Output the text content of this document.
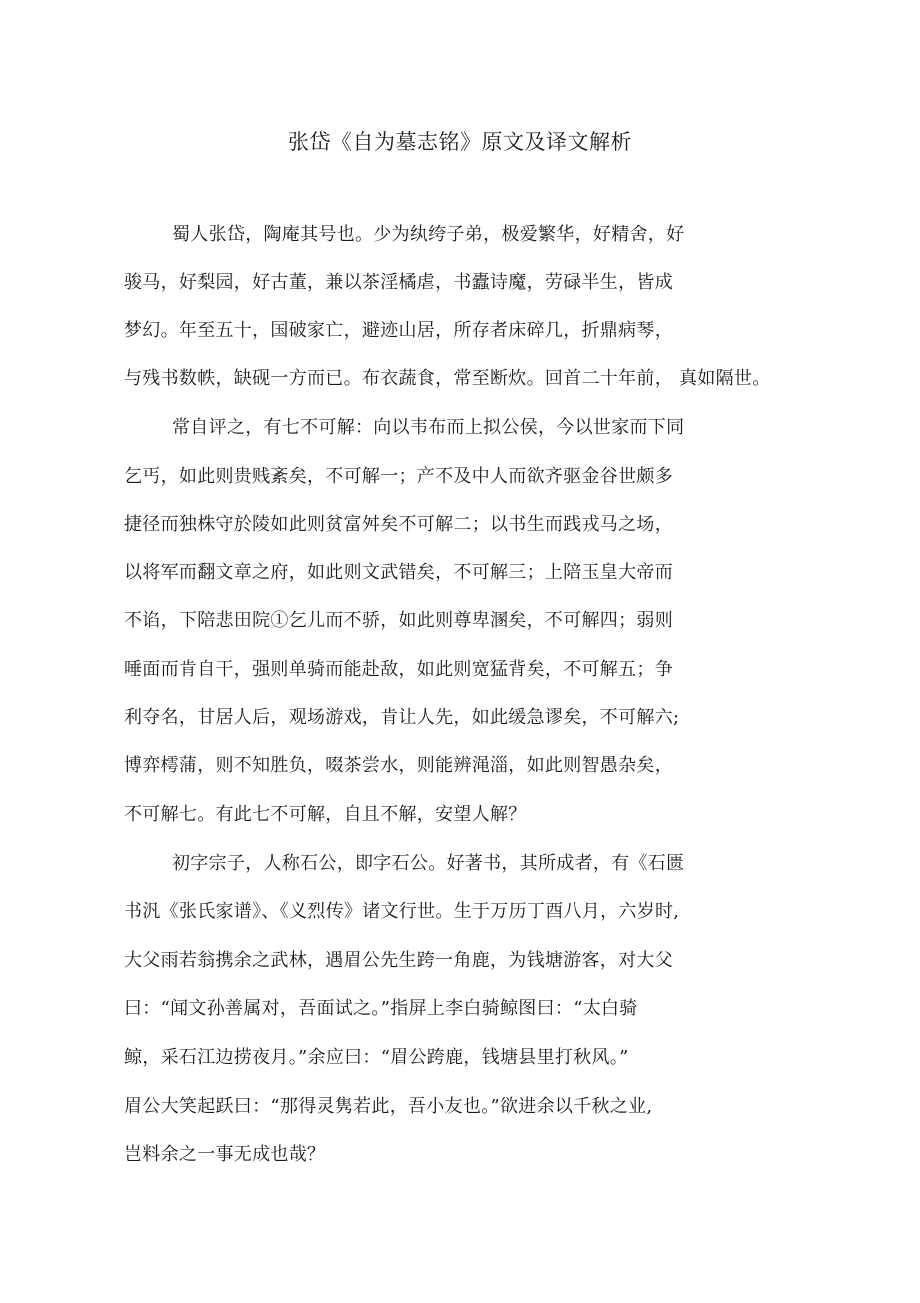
张岱《自为墓志铭》原文及译文解析
蜀人张岱，陶庵其号也。少为纨绔子弟，极爱繁华，好精舍，好
骏马，好梨园，好古董，兼以茶淫橘虐，书蠹诗魔，劳碌半生，皆成
梦幻。年至五十，国破家亡，避迹山居，所存者床碎几，折鼎病琴，
与残书数帙，缺砚一方而已。布衣蔬食，常至断炊。回首二十年前， 真如隔世。
常自评之，有七不可解：向以韦布而上拟公侯，今以世家而下同
乞丐，如此则贵贱紊矣，不可解一；产不及中人而欲齐驱金谷世颇多
捷径而独株守於陵如此则贫富舛矣不可解二；以书生而践戎马之场，
以将军而翻文章之府，如此则文武错矣，不可解三；上陪玉皇大帝而
不谄，下陪悲田院①乞儿而不骄，如此则尊卑溷矣，不可解四；弱则
唾面而肯自干，强则单骑而能赴敌，如此则宽猛背矣，不可解五；争
利夺名，甘居人后，观场游戏，肯让人先，如此缓急谬矣，不可解六;
博弈樗蒲，则不知胜负，啜茶尝水，则能辨渑淄，如此则智愚杂矣，
不可解七。有此七不可解，自且不解，安望人解？
初字宗子，人称石公，即字石公。好著书，其所成者，有《石匮
书汎《张氏家谱》、《义烈传》诸文行世。生于万历丁酉八月，六岁时,
大父雨若翁携余之武林，遇眉公先生跨一角鹿，为钱塘游客，对大父
曰：“闻文孙善属对，吾面试之。”指屏上李白骑鲸图曰：“太白骑
鲸，采石江边捞夜月。”余应曰：“眉公跨鹿，钱塘县里打秋风。”
眉公大笑起跃曰：“那得灵隽若此，吾小友也。”欲进余以千秋之业,
岂料余之一事无成也哉？
